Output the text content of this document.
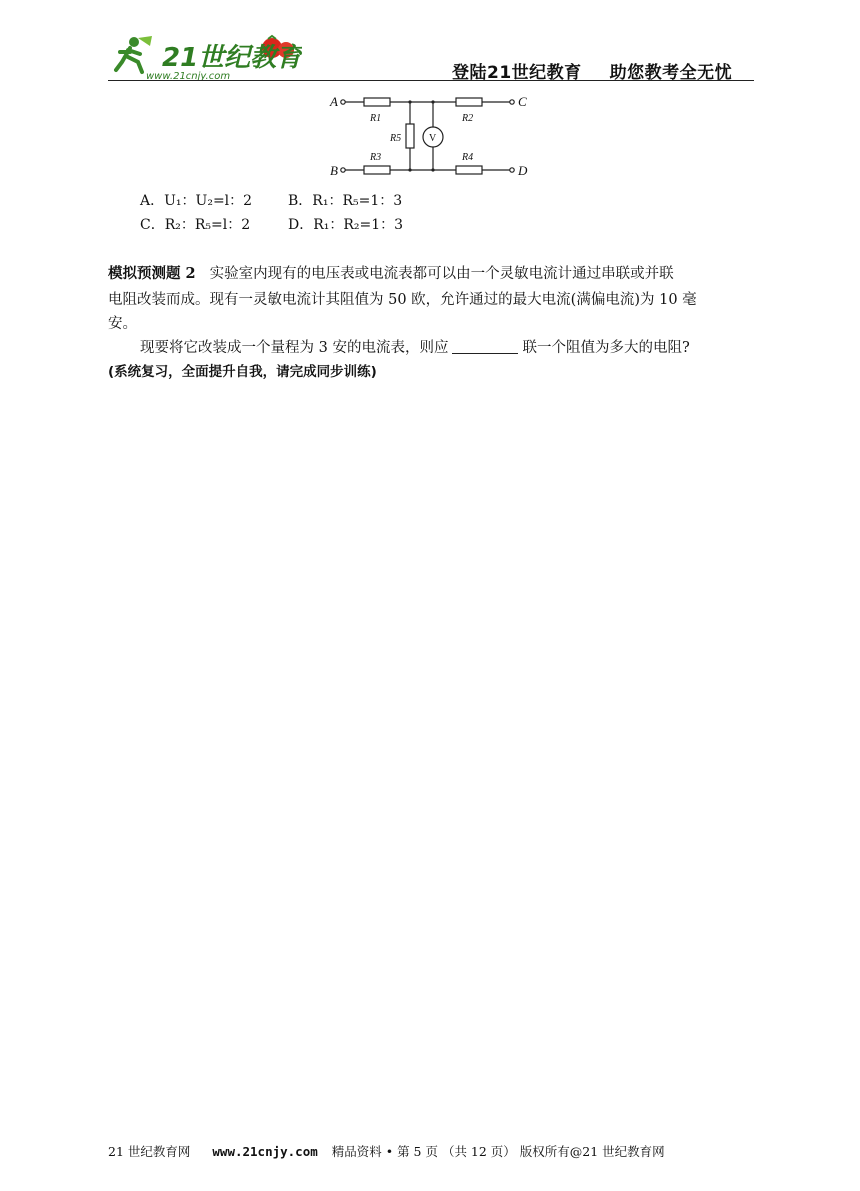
21世纪教育
www.21cnjy.com	登陆21世纪教育 助您教考全无忧
A
B
C
D
R1	R2
R3	R4
R5	V
A．U₁：U₂=l：2	B．R₁：R₅=1：3
C．R₂：R₅=l：2	D．R₁：R₂=1：3
模拟预测题 2 实验室内现有的电压表或电流表都可以由一个灵敏电流计通过串联或并联
电阻改装而成。现有一灵敏电流计其阻值为 50 欧，允许通过的最大电流(满偏电流)为 10 毫
安。
现要将它改装成一个量程为 3 安的电流表，则应	联一个阻值为多大的电阻?
(系统复习，全面提升自我，请完成同步训练)
21 世纪教育网 www.21cnjy.com 精品资料 • 第 5 页 （共 12 页） 版权所有@21 世纪教育网
